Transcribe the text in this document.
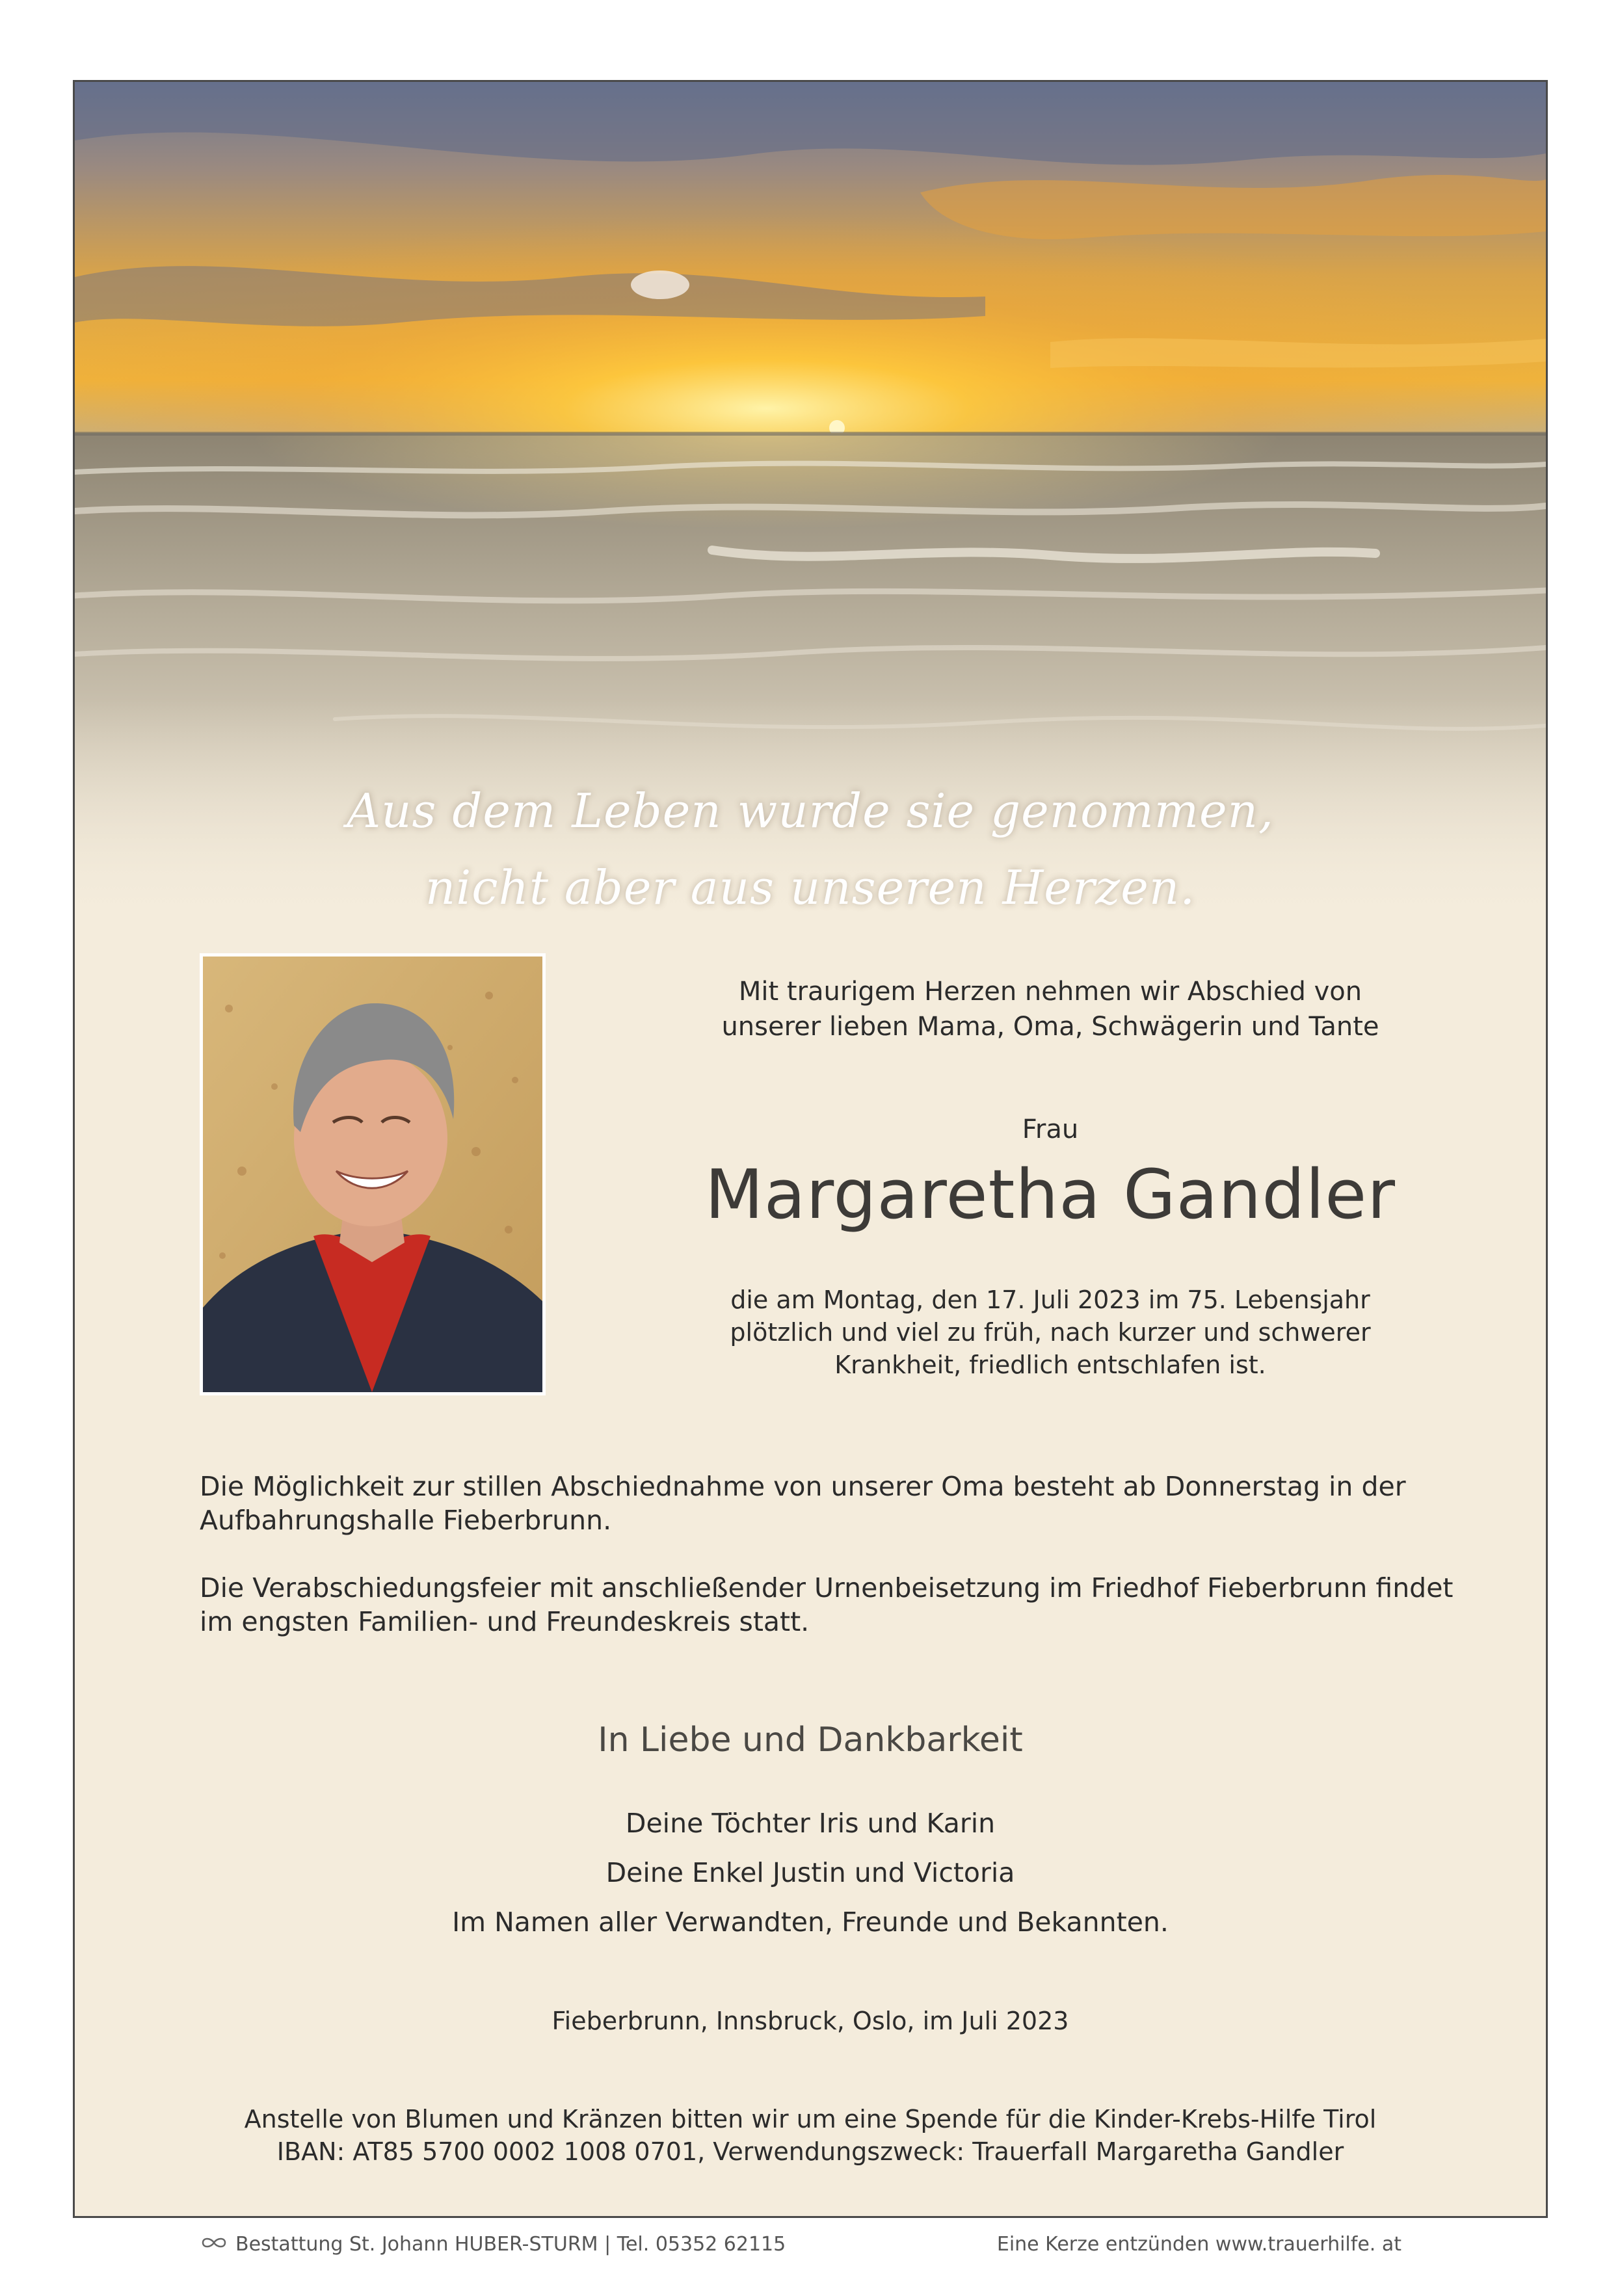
Aus dem Leben wurde sie genommen,
nicht aber aus unseren Herzen.
Mit traurigem Herzen nehmen wir Abschied von
unserer lieben Mama, Oma, Schwägerin und Tante
Frau
Margaretha Gandler
die am Montag, den 17. Juli 2023 im 75. Lebensjahr
plötzlich und viel zu früh, nach kurzer und schwerer
Krankheit, friedlich entschlafen ist.
Die Möglichkeit zur stillen Abschiednahme von unserer Oma besteht ab Donnerstag in der
Aufbahrungshalle Fieberbrunn.
Die Verabschiedungsfeier mit anschließender Urnenbeisetzung im Friedhof Fieberbrunn findet
im engsten Familien- und Freundeskreis statt.
In Liebe und Dankbarkeit
Deine Töchter Iris und Karin
Deine Enkel Justin und Victoria
Im Namen aller Verwandten, Freunde und Bekannten.
Fieberbrunn, Innsbruck, Oslo, im Juli 2023
Anstelle von Blumen und Kränzen bitten wir um eine Spende für die Kinder-Krebs-Hilfe Tirol
IBAN: AT85 5700 0002 1008 0701, Verwendungszweck: Trauerfall Margaretha Gandler
Bestattung St. Johann HUBER-STURM | Tel. 05352 62115	Eine Kerze entzünden www.trauerhilfe. at
